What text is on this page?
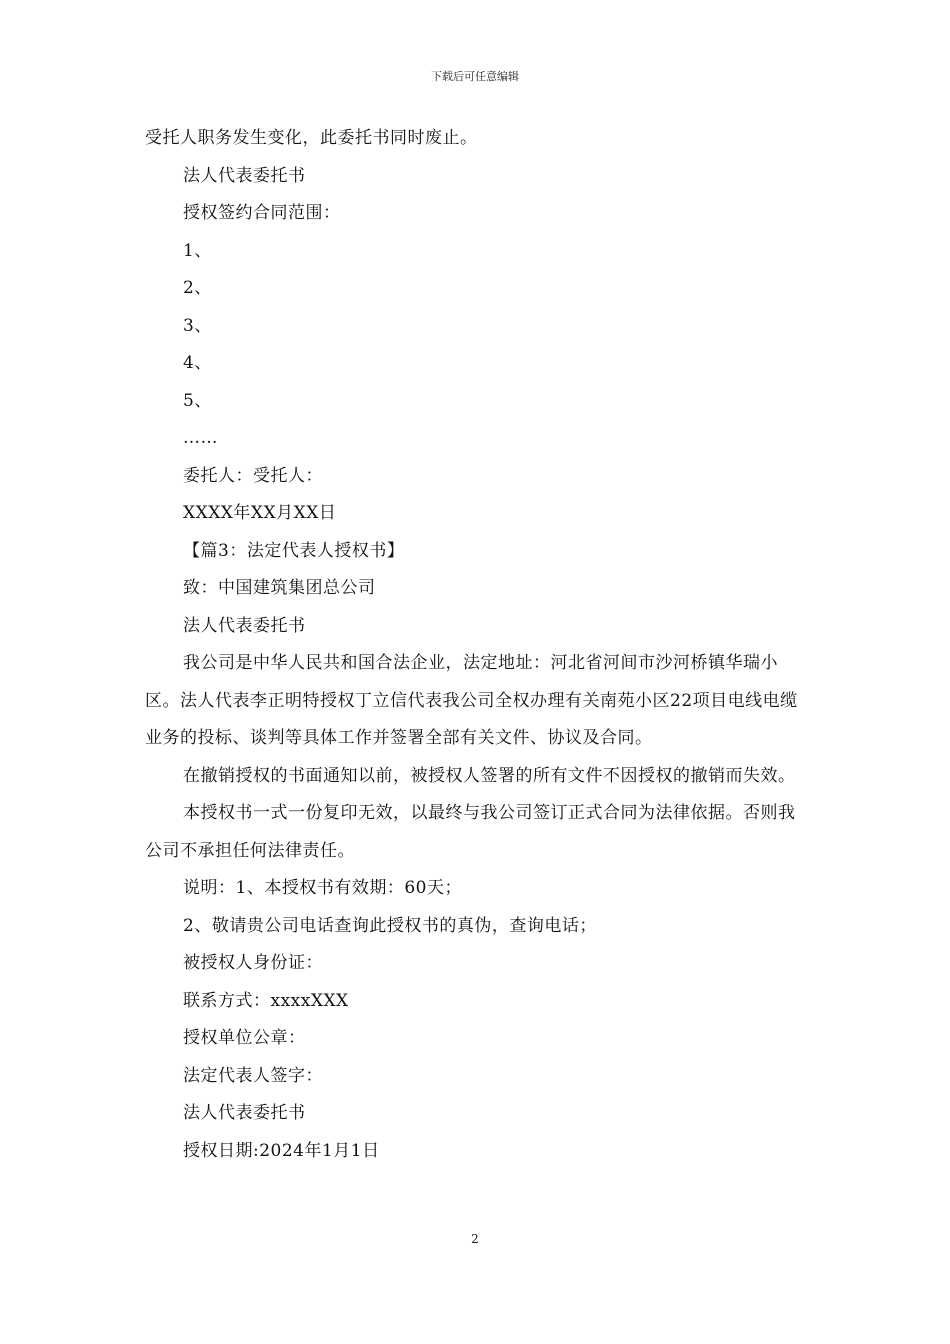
下载后可任意编辑

受托人职务发生变化，此委托书同时废止。

法人代表委托书

授权签约合同范围：

1、

2、

3、

4、

5、

……

委托人：受托人：

XXXX年XX月XX日

【篇3：法定代表人授权书】

致：中国建筑集团总公司

法人代表委托书

我公司是中华人民共和国合法企业，法定地址：河北省河间市沙河桥镇华瑞小区。法人代表李正明特授权丁立信代表我公司全权办理有关南苑小区22项目电线电缆业务的投标、谈判等具体工作并签署全部有关文件、协议及合同。

在撤销授权的书面通知以前，被授权人签署的所有文件不因授权的撤销而失效。

本授权书一式一份复印无效，以最终与我公司签订正式合同为法律依据。否则我公司不承担任何法律责任。

说明：1、本授权书有效期：60天；

2、敬请贵公司电话查询此授权书的真伪，查询电话；

被授权人身份证：

联系方式：xxxxXXX

授权单位公章：

法定代表人签字：

法人代表委托书

授权日期:2024年1月1日

2
